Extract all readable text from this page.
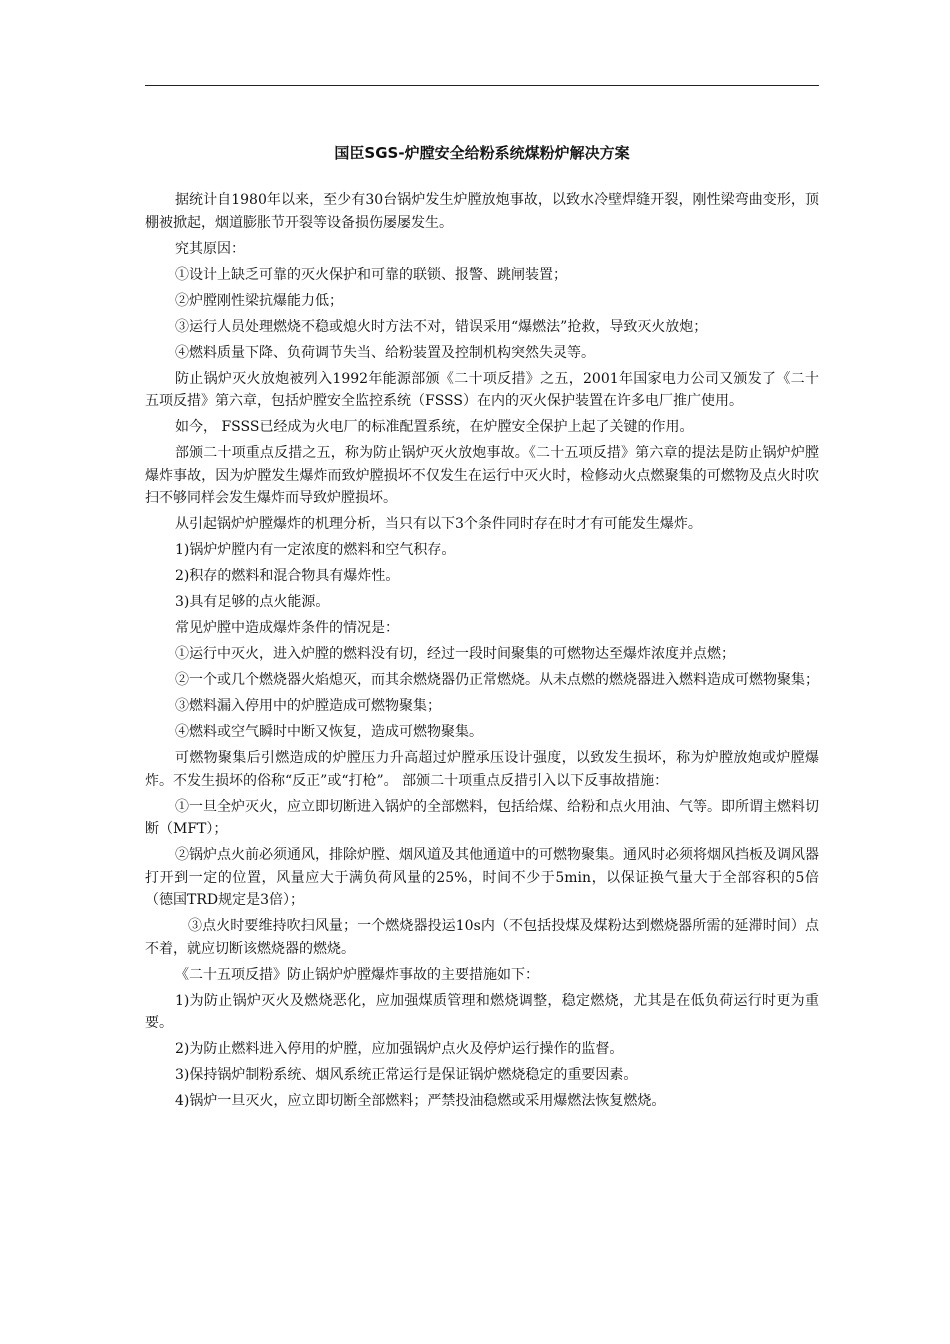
国臣SGS-炉膛安全给粉系统煤粉炉解决方案

据统计自1980年以来，至少有30台锅炉发生炉膛放炮事故，以致水冷壁焊缝开裂，刚性梁弯曲变形，顶棚被掀起，烟道膨胀节开裂等设备损伤屡屡发生。

究其原因：

①设计上缺乏可靠的灭火保护和可靠的联锁、报警、跳闸装置；

②炉膛刚性梁抗爆能力低；

③运行人员处理燃烧不稳或熄火时方法不对，错误采用“爆燃法”抢救，导致灭火放炮；

④燃料质量下降、负荷调节失当、给粉装置及控制机构突然失灵等。

防止锅炉灭火放炮被列入1992年能源部颁《二十项反措》之五，2001年国家电力公司又颁发了《二十五项反措》第六章，包括炉膛安全监控系统（FSSS）在内的灭火保护装置在许多电厂推广使用。

如今， FSSS已经成为火电厂的标准配置系统，在炉膛安全保护上起了关键的作用。

部颁二十项重点反措之五，称为防止锅炉灭火放炮事故。《二十五项反措》第六章的提法是防止锅炉炉膛爆炸事故，因为炉膛发生爆炸而致炉膛损坏不仅发生在运行中灭火时，检修动火点燃聚集的可燃物及点火时吹扫不够同样会发生爆炸而导致炉膛损坏。

从引起锅炉炉膛爆炸的机理分析，当只有以下3个条件同时存在时才有可能发生爆炸。

1)锅炉炉膛内有一定浓度的燃料和空气积存。

2)积存的燃料和混合物具有爆炸性。

3)具有足够的点火能源。

常见炉膛中造成爆炸条件的情况是：

①运行中灭火，进入炉膛的燃料没有切，经过一段时间聚集的可燃物达至爆炸浓度并点燃；

②一个或几个燃烧器火焰熄灭，而其余燃烧器仍正常燃烧。从未点燃的燃烧器进入燃料造成可燃物聚集；

③燃料漏入停用中的炉膛造成可燃物聚集；

④燃料或空气瞬时中断又恢复，造成可燃物聚集。

可燃物聚集后引燃造成的炉膛压力升高超过炉膛承压设计强度，以致发生损坏，称为炉膛放炮或炉膛爆炸。不发生损坏的俗称“反正”或“打枪”。 部颁二十项重点反措引入以下反事故措施：

①一旦全炉灭火，应立即切断进入锅炉的全部燃料，包括给煤、给粉和点火用油、气等。即所谓主燃料切断（MFT）；

②锅炉点火前必须通风，排除炉膛、烟风道及其他通道中的可燃物聚集。通风时必须将烟风挡板及调风器打开到一定的位置，风量应大于满负荷风量的25%，时间不少于5min，以保证换气量大于全部容积的5倍（德国TRD规定是3倍）；

③点火时要维持吹扫风量；一个燃烧器投运10s内（不包括投煤及煤粉达到燃烧器所需的延滞时间）点不着，就应切断该燃烧器的燃烧。

《二十五项反措》防止锅炉炉膛爆炸事故的主要措施如下：

1)为防止锅炉灭火及燃烧恶化，应加强煤质管理和燃烧调整，稳定燃烧，尤其是在低负荷运行时更为重要。

2)为防止燃料进入停用的炉膛，应加强锅炉点火及停炉运行操作的监督。

3)保持锅炉制粉系统、烟风系统正常运行是保证锅炉燃烧稳定的重要因素。

4)锅炉一旦灭火，应立即切断全部燃料；严禁投油稳燃或采用爆燃法恢复燃烧。
